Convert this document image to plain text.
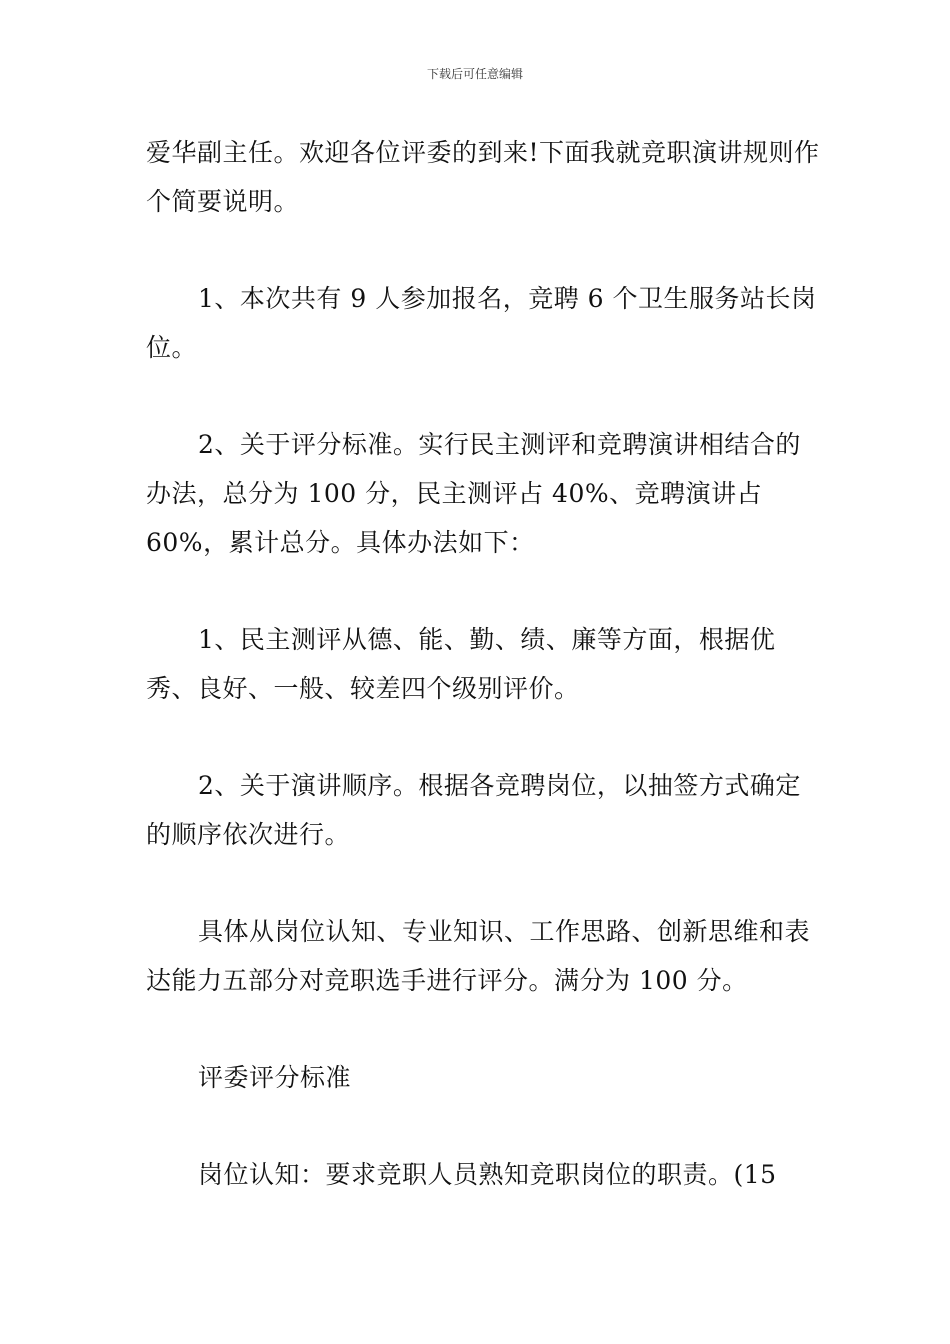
下载后可任意编辑

爱华副主任。欢迎各位评委的到来!下面我就竞职演讲规则作个简要说明。

1、本次共有 9 人参加报名，竞聘 6 个卫生服务站长岗位。

2、关于评分标准。实行民主测评和竞聘演讲相结合的办法，总分为 100 分，民主测评占 40%、竞聘演讲占 60%，累计总分。具体办法如下：

1、民主测评从德、能、勤、绩、廉等方面，根据优秀、良好、一般、较差四个级别评价。

2、关于演讲顺序。根据各竞聘岗位，以抽签方式确定的顺序依次进行。

具体从岗位认知、专业知识、工作思路、创新思维和表达能力五部分对竞职选手进行评分。满分为 100 分。

评委评分标准

岗位认知：要求竞职人员熟知竞职岗位的职责。(15
